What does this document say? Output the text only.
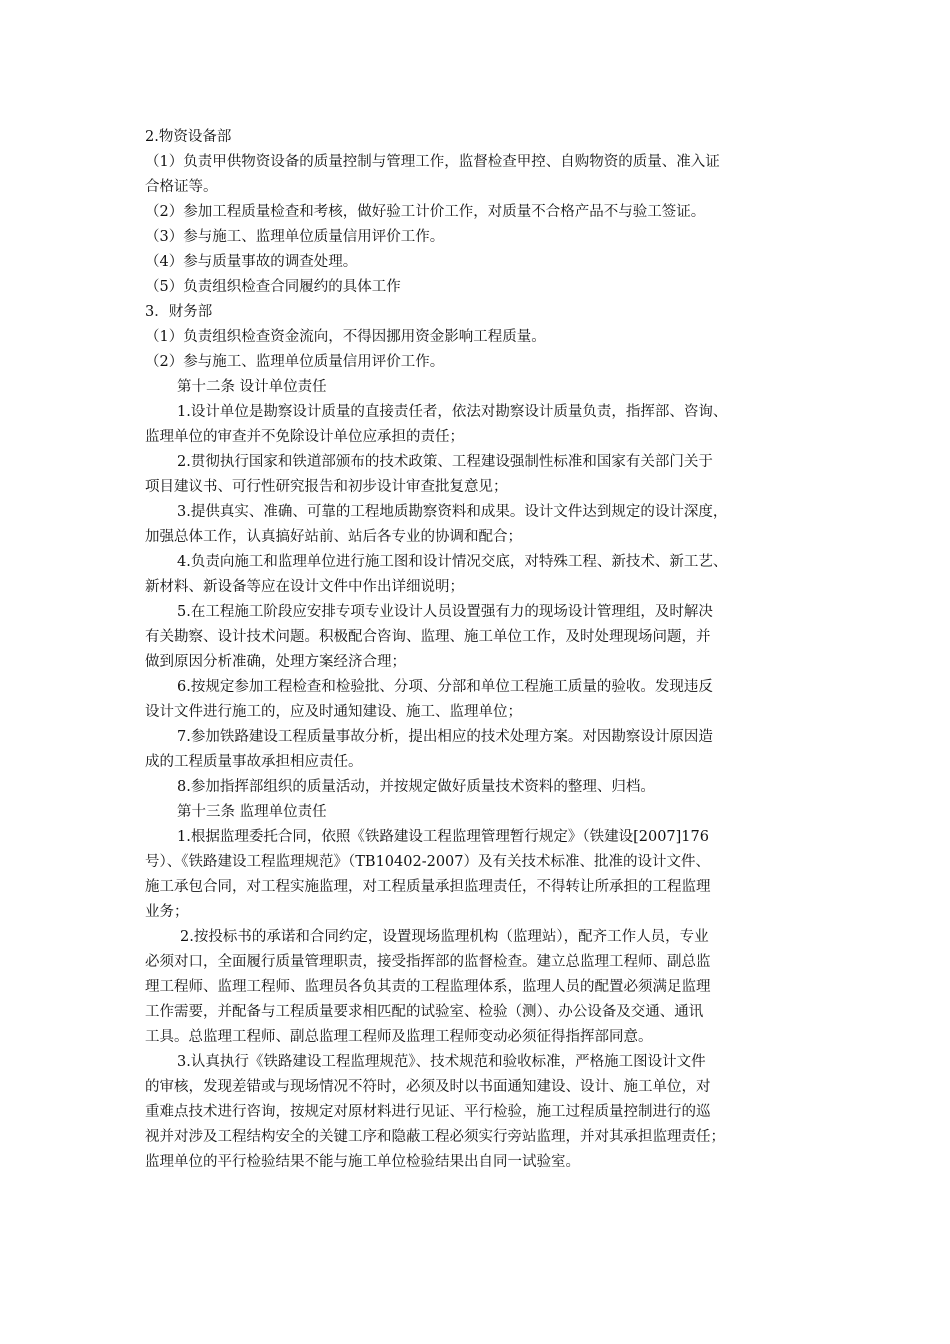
2.物资设备部
（1）负责甲供物资设备的质量控制与管理工作，监督检查甲控、自购物资的质量、准入证
合格证等。
（2）参加工程质量检查和考核，做好验工计价工作，对质量不合格产品不与验工签证。
（3）参与施工、监理单位质量信用评价工作。
（4）参与质量事故的调查处理。
（5）负责组织检查合同履约的具体工作
3．财务部
（1）负责组织检查资金流向，不得因挪用资金影响工程质量。
（2）参与施工、监理单位质量信用评价工作。
第十二条 设计单位责任
1.设计单位是勘察设计质量的直接责任者，依法对勘察设计质量负责，指挥部、咨询、
监理单位的审查并不免除设计单位应承担的责任；
2.贯彻执行国家和铁道部颁布的技术政策、工程建设强制性标准和国家有关部门关于
项目建议书、可行性研究报告和初步设计审查批复意见；
3.提供真实、准确、可靠的工程地质勘察资料和成果。设计文件达到规定的设计深度，
加强总体工作，认真搞好站前、站后各专业的协调和配合；
4.负责向施工和监理单位进行施工图和设计情况交底，对特殊工程、新技术、新工艺、
新材料、新设备等应在设计文件中作出详细说明；
5.在工程施工阶段应安排专项专业设计人员设置强有力的现场设计管理组，及时解决
有关勘察、设计技术问题。积极配合咨询、监理、施工单位工作，及时处理现场问题，并
做到原因分析准确，处理方案经济合理；
6.按规定参加工程检查和检验批、分项、分部和单位工程施工质量的验收。发现违反
设计文件进行施工的，应及时通知建设、施工、监理单位；
7.参加铁路建设工程质量事故分析，提出相应的技术处理方案。对因勘察设计原因造
成的工程质量事故承担相应责任。
8.参加指挥部组织的质量活动，并按规定做好质量技术资料的整理、归档。
第十三条 监理单位责任
1.根据监理委托合同，依照《铁路建设工程监理管理暂行规定》（铁建设[2007]176
号）、《铁路建设工程监理规范》（TB10402-2007）及有关技术标准、批准的设计文件、
施工承包合同，对工程实施监理，对工程质量承担监理责任，不得转让所承担的工程监理
业务；
2.按投标书的承诺和合同约定，设置现场监理机构（监理站），配齐工作人员，专业
必须对口，全面履行质量管理职责，接受指挥部的监督检查。建立总监理工程师、副总监
理工程师、监理工程师、监理员各负其责的工程监理体系，监理人员的配置必须满足监理
工作需要，并配备与工程质量要求相匹配的试验室、检验（测）、办公设备及交通、通讯
工具。总监理工程师、副总监理工程师及监理工程师变动必须征得指挥部同意。
3.认真执行《铁路建设工程监理规范》、技术规范和验收标准，严格施工图设计文件
的审核，发现差错或与现场情况不符时，必须及时以书面通知建设、设计、施工单位，对
重难点技术进行咨询，按规定对原材料进行见证、平行检验，施工过程质量控制进行的巡
视并对涉及工程结构安全的关键工序和隐蔽工程必须实行旁站监理，并对其承担监理责任；
监理单位的平行检验结果不能与施工单位检验结果出自同一试验室。
